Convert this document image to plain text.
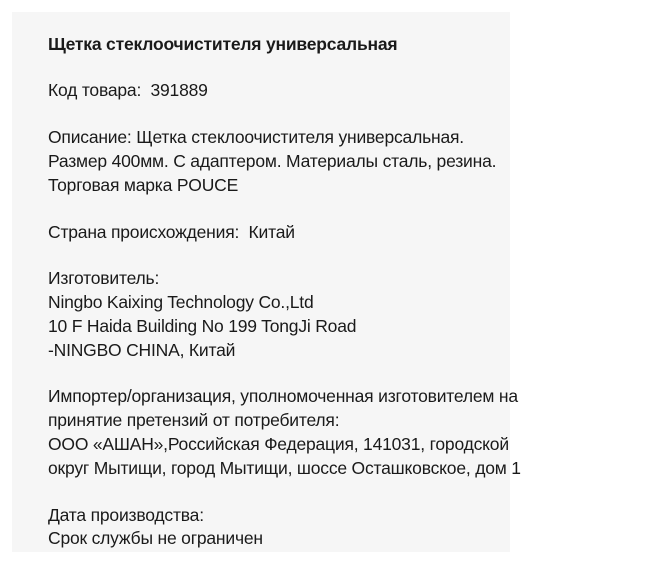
Щетка стеклоочистителя универсальная
Код товара: 391889
Описание: Щетка стеклоочистителя универсальная.
Размер 400мм. С адаптером. Материалы сталь, резина.
Торговая марка POUCE
Страна происхождения: Китай
Изготовитель:
Ningbo Kaixing Technology Co.,Ltd
10 F Haida Building No 199 TongJi Road
-NINGBO CHINA, Китай
Импортер/организация, уполномоченная изготовителем на
принятие претензий от потребителя:
ООО «АШАН»,Российская Федерация, 141031, городской
округ Мытищи, город Мытищи, шоссе Осташковское, дом 1
Дата производства:
Срок службы не ограничен
